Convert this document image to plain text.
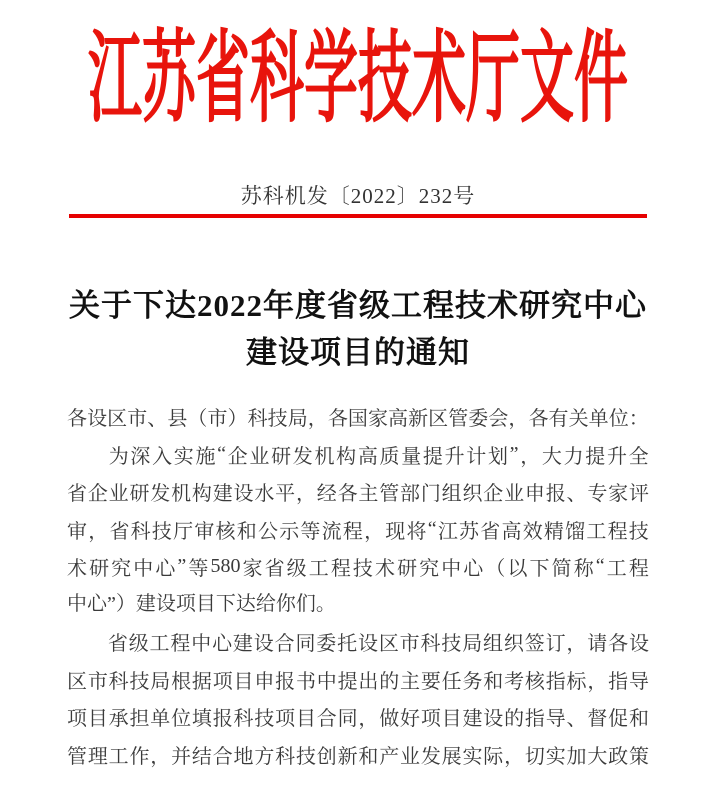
江苏省科学技术厅文件
苏科机发〔2022〕232号
关于下达2022年度省级工程技术研究中心
建设项目的通知
各 设 区 市 、 县 （ 市 ） 科 技 局 ， 各 国 家 高 新 区 管 委 会 ， 各 有 关 单 位 ：
为 深 入 实 施 “ 企 业 研 发 机 构 高 质 量 提 升 计 划 ” ， 大 力 提 升 全
省 企 业 研 发 机 构 建 设 水 平 ， 经 各 主 管 部 门 组 织 企 业 申 报 、 专 家 评
审 ， 省 科 技 厅 审 核 和 公 示 等 流 程 ， 现 将 “ 江 苏 省 高 效 精 馏 工 程 技
术 研 究 中 心 ” 等 580 家 省 级 工 程 技 术 研 究 中 心 （ 以 下 简 称 “ 工 程
中心”）建设项目下达给你们。
省 级 工 程 中 心 建 设 合 同 委 托 设 区 市 科 技 局 组 织 签 订 ， 请 各 设
区 市 科 技 局 根 据 项 目 申 报 书 中 提 出 的 主 要 任 务 和 考 核 指 标 ， 指 导
项 目 承 担 单 位 填 报 科 技 项 目 合 同 ， 做 好 项 目 建 设 的 指 导 、 督 促 和
管 理 工 作 ， 并 结 合 地 方 科 技 创 新 和 产 业 发 展 实 际 ， 切 实 加 大 政 策
